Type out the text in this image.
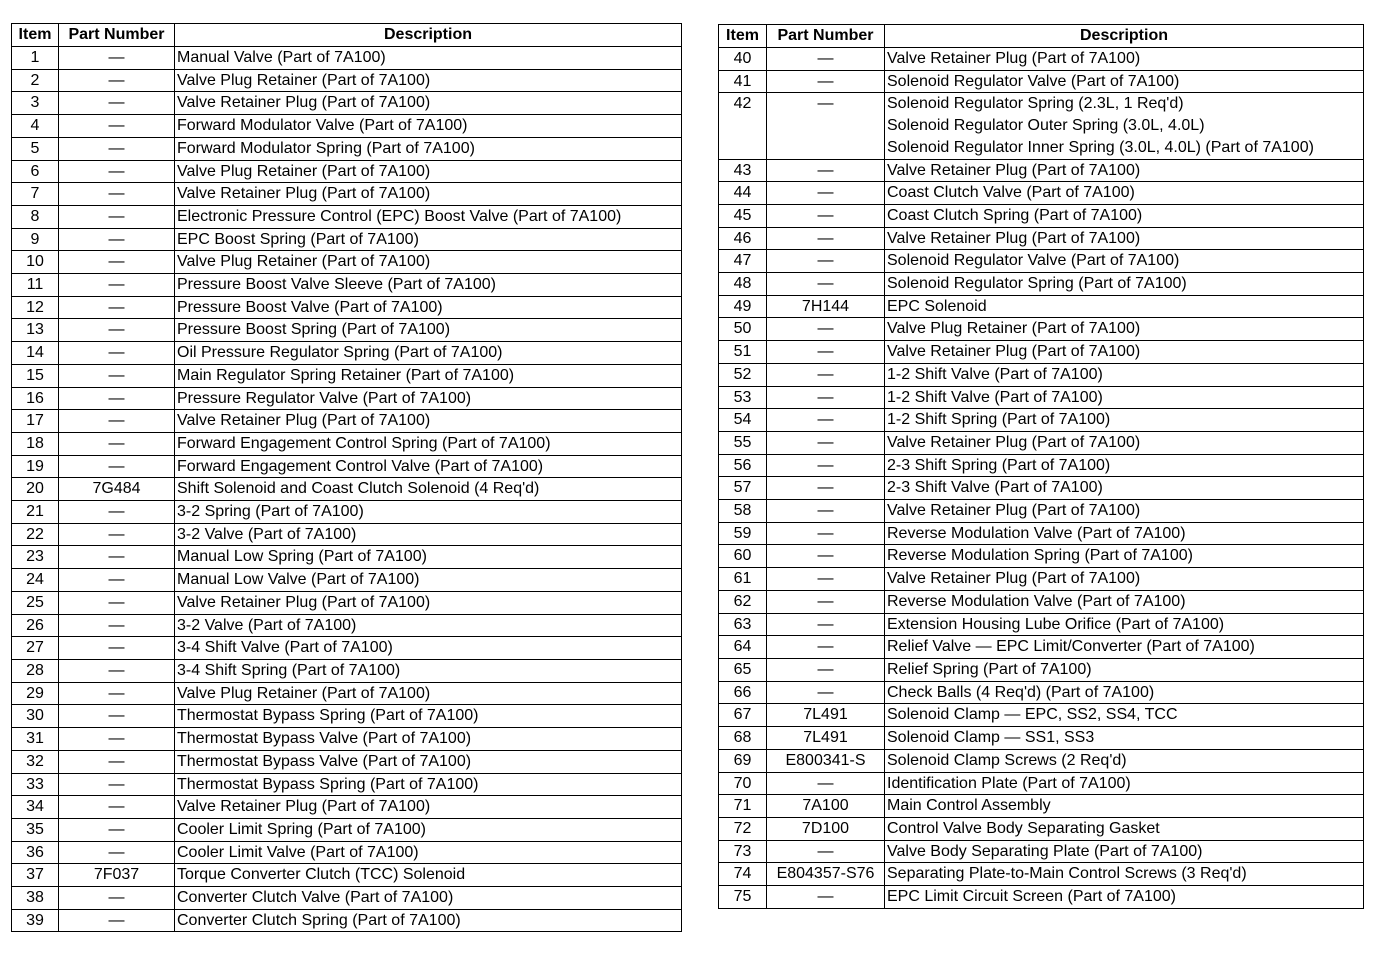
Item	Part Number	Description
1	—	Manual Valve (Part of 7A100)
2	—	Valve Plug Retainer (Part of 7A100)
3	—	Valve Retainer Plug (Part of 7A100)
4	—	Forward Modulator Valve (Part of 7A100)
5	—	Forward Modulator Spring (Part of 7A100)
6	—	Valve Plug Retainer (Part of 7A100)
7	—	Valve Retainer Plug (Part of 7A100)
8	—	Electronic Pressure Control (EPC) Boost Valve (Part of 7A100)
9	—	EPC Boost Spring (Part of 7A100)
10	—	Valve Plug Retainer (Part of 7A100)
11	—	Pressure Boost Valve Sleeve (Part of 7A100)
12	—	Pressure Boost Valve (Part of 7A100)
13	—	Pressure Boost Spring (Part of 7A100)
14	—	Oil Pressure Regulator Spring (Part of 7A100)
15	—	Main Regulator Spring Retainer (Part of 7A100)
16	—	Pressure Regulator Valve (Part of 7A100)
17	—	Valve Retainer Plug (Part of 7A100)
18	—	Forward Engagement Control Spring (Part of 7A100)
19	—	Forward Engagement Control Valve (Part of 7A100)
20	7G484	Shift Solenoid and Coast Clutch Solenoid (4 Req'd)
21	—	3-2 Spring (Part of 7A100)
22	—	3-2 Valve (Part of 7A100)
23	—	Manual Low Spring (Part of 7A100)
24	—	Manual Low Valve (Part of 7A100)
25	—	Valve Retainer Plug (Part of 7A100)
26	—	3-2 Valve (Part of 7A100)
27	—	3-4 Shift Valve (Part of 7A100)
28	—	3-4 Shift Spring (Part of 7A100)
29	—	Valve Plug Retainer (Part of 7A100)
30	—	Thermostat Bypass Spring (Part of 7A100)
31	—	Thermostat Bypass Valve (Part of 7A100)
32	—	Thermostat Bypass Valve (Part of 7A100)
33	—	Thermostat Bypass Spring (Part of 7A100)
34	—	Valve Retainer Plug (Part of 7A100)
35	—	Cooler Limit Spring (Part of 7A100)
36	—	Cooler Limit Valve (Part of 7A100)
37	7F037	Torque Converter Clutch (TCC) Solenoid
38	—	Converter Clutch Valve (Part of 7A100)
39	—	Converter Clutch Spring (Part of 7A100)
Item	Part Number	Description
40	—	Valve Retainer Plug (Part of 7A100)
41	—	Solenoid Regulator Valve (Part of 7A100)
42	—	Solenoid Regulator Spring (2.3L, 1 Req'd)
Solenoid Regulator Outer Spring (3.0L, 4.0L)
Solenoid Regulator Inner Spring (3.0L, 4.0L) (Part of 7A100)

43	—	Valve Retainer Plug (Part of 7A100)
44	—	Coast Clutch Valve (Part of 7A100)
45	—	Coast Clutch Spring (Part of 7A100)
46	—	Valve Retainer Plug (Part of 7A100)
47	—	Solenoid Regulator Valve (Part of 7A100)
48	—	Solenoid Regulator Spring (Part of 7A100)
49	7H144	EPC Solenoid
50	—	Valve Plug Retainer (Part of 7A100)
51	—	Valve Retainer Plug (Part of 7A100)
52	—	1-2 Shift Valve (Part of 7A100)
53	—	1-2 Shift Valve (Part of 7A100)
54	—	1-2 Shift Spring (Part of 7A100)
55	—	Valve Retainer Plug (Part of 7A100)
56	—	2-3 Shift Spring (Part of 7A100)
57	—	2-3 Shift Valve (Part of 7A100)
58	—	Valve Retainer Plug (Part of 7A100)
59	—	Reverse Modulation Valve (Part of 7A100)
60	—	Reverse Modulation Spring (Part of 7A100)
61	—	Valve Retainer Plug (Part of 7A100)
62	—	Reverse Modulation Valve (Part of 7A100)
63	—	Extension Housing Lube Orifice (Part of 7A100)
64	—	Relief Valve — EPC Limit/Converter (Part of 7A100)
65	—	Relief Spring (Part of 7A100)
66	—	Check Balls (4 Req'd) (Part of 7A100)
67	7L491	Solenoid Clamp — EPC, SS2, SS4, TCC
68	7L491	Solenoid Clamp — SS1, SS3
69	E800341-S	Solenoid Clamp Screws (2 Req'd)
70	—	Identification Plate (Part of 7A100)
71	7A100	Main Control Assembly
72	7D100	Control Valve Body Separating Gasket
73	—	Valve Body Separating Plate (Part of 7A100)
74	E804357-S76	Separating Plate-to-Main Control Screws (3 Req'd)
75	—	EPC Limit Circuit Screen (Part of 7A100)
